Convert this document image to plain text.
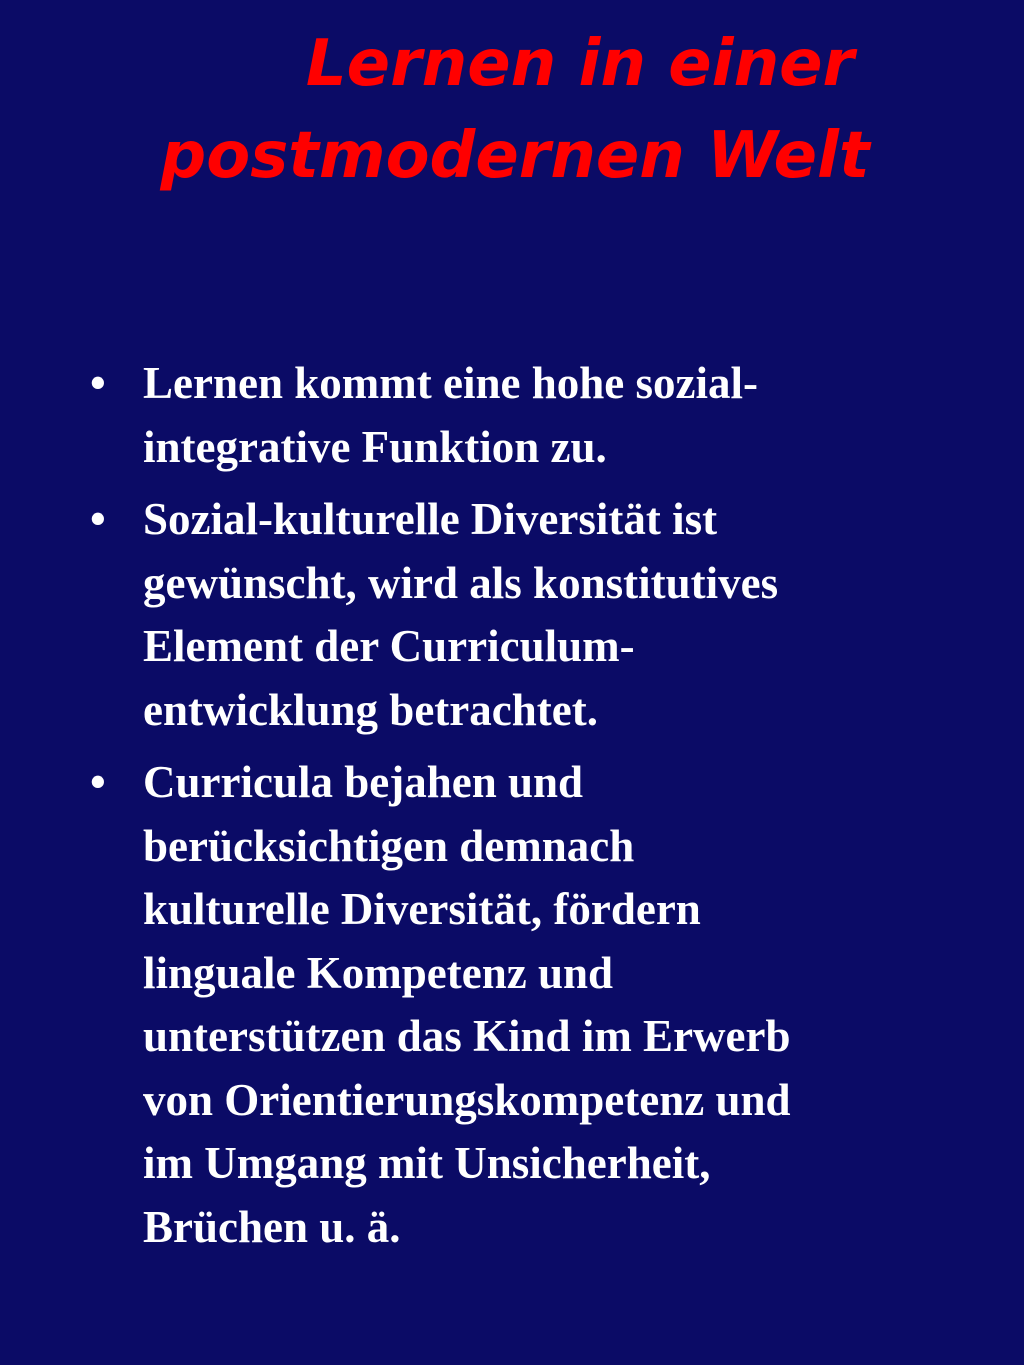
Lernen in einer
postmodernen Welt
• Lernen kommt eine hohe sozial-
integrative Funktion zu.
• Sozial-kulturelle Diversität ist
gewünscht, wird als konstitutives
Element der Curriculum-
entwicklung betrachtet.
• Curricula bejahen und
berücksichtigen demnach
kulturelle Diversität, fördern
linguale Kompetenz und
unterstützen das Kind im Erwerb
von Orientierungskompetenz und
im Umgang mit Unsicherheit,
Brüchen u. ä.
